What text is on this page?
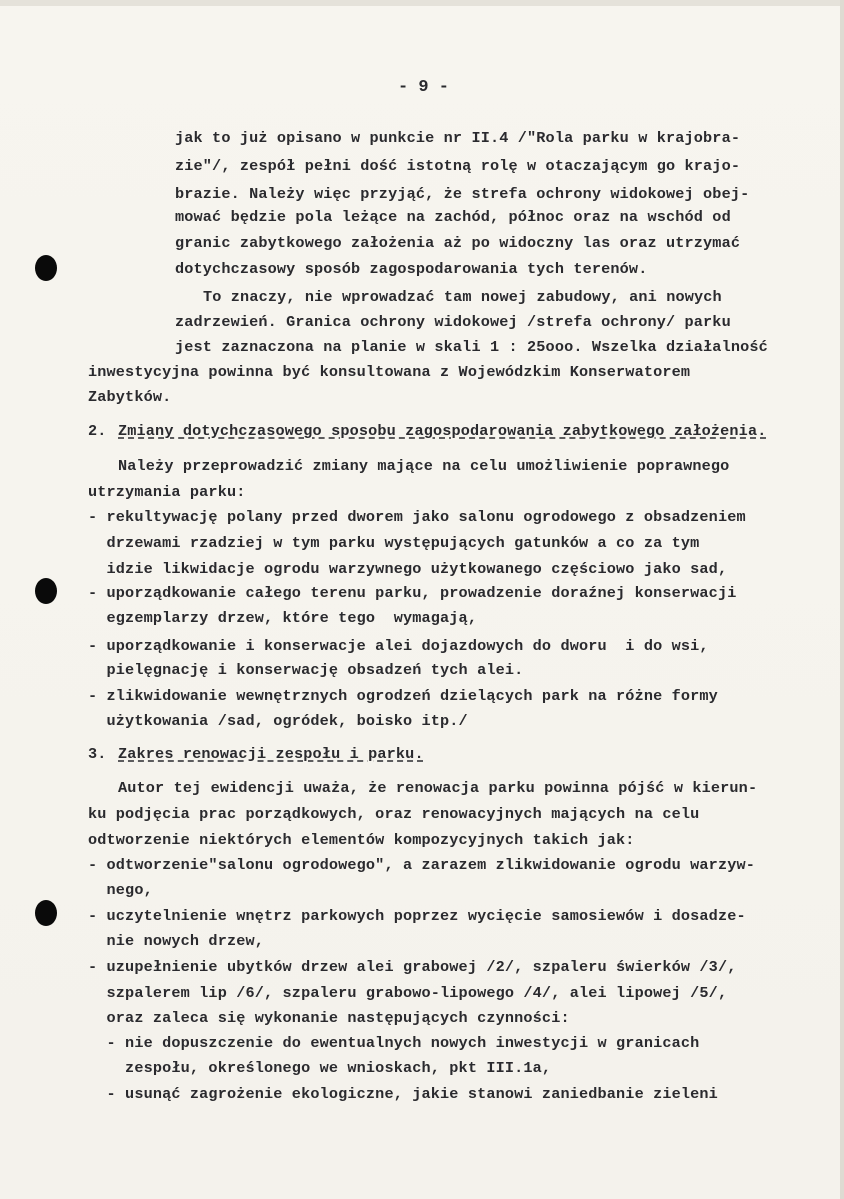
- 9 -
jak to już opisano w punkcie nr II.4 /"Rola parku w krajobra-
zie"/, zespół pełni dość istotną rolę w otaczającym go krajo-
brazie. Należy więc przyjąć, że strefa ochrony widokowej obej-
mować będzie pola leżące na zachód, północ oraz na wschód od
granic zabytkowego założenia aż po widoczny las oraz utrzymać
dotychczasowy sposób zagospodarowania tych terenów.
To znaczy, nie wprowadzać tam nowej zabudowy, ani nowych
zadrzewień. Granica ochrony widokowej /strefa ochrony/ parku
jest zaznaczona na planie w skali 1 : 25ooo. Wszelka działalność
inwestycyjna powinna być konsultowana z Wojewódzkim Konserwatorem
Zabytków.
2. Zmiany dotychczasowego sposobu zagospodarowania zabytkowego założenia.
Należy przeprowadzić zmiany mające na celu umożliwienie poprawnego
utrzymania parku:
- rekultywację polany przed dworem jako salonu ogrodowego z obsadzeniem
drzewami rzadziej w tym parku występujących gatunków a co za tym
idzie likwidacje ogrodu warzywnego użytkowanego częściowo jako sad,
- uporządkowanie całego terenu parku, prowadzenie doraźnej konserwacji
egzemplarzy drzew, które tego  wymagają,
- uporządkowanie i konserwacje alei dojazdowych do dworu  i do wsi,
pielęgnację i konserwację obsadzeń tych alei.
- zlikwidowanie wewnętrznych ogrodzeń dzielących park na różne formy
użytkowania /sad, ogródek, boisko itp./
3. Zakres renowacji zespołu i parku.
Autor tej ewidencji uważa, że renowacja parku powinna pójść w kierun-
ku podjęcia prac porządkowych, oraz renowacyjnych mających na celu
odtworzenie niektórych elementów kompozycyjnych takich jak:
- odtworzenie"salonu ogrodowego", a zarazem zlikwidowanie ogrodu warzyw-
nego,
- uczytelnienie wnętrz parkowych poprzez wycięcie samosiewów i dosadze-
nie nowych drzew,
- uzupełnienie ubytków drzew alei grabowej /2/, szpaleru świerków /3/,
szpalerem lip /6/, szpaleru grabowo-lipowego /4/, alei lipowej /5/,
oraz zaleca się wykonanie następujących czynności:
- nie dopuszczenie do ewentualnych nowych inwestycji w granicach
zespołu, określonego we wnioskach, pkt III.1a,
- usunąć zagrożenie ekologiczne, jakie stanowi zaniedbanie zieleni
